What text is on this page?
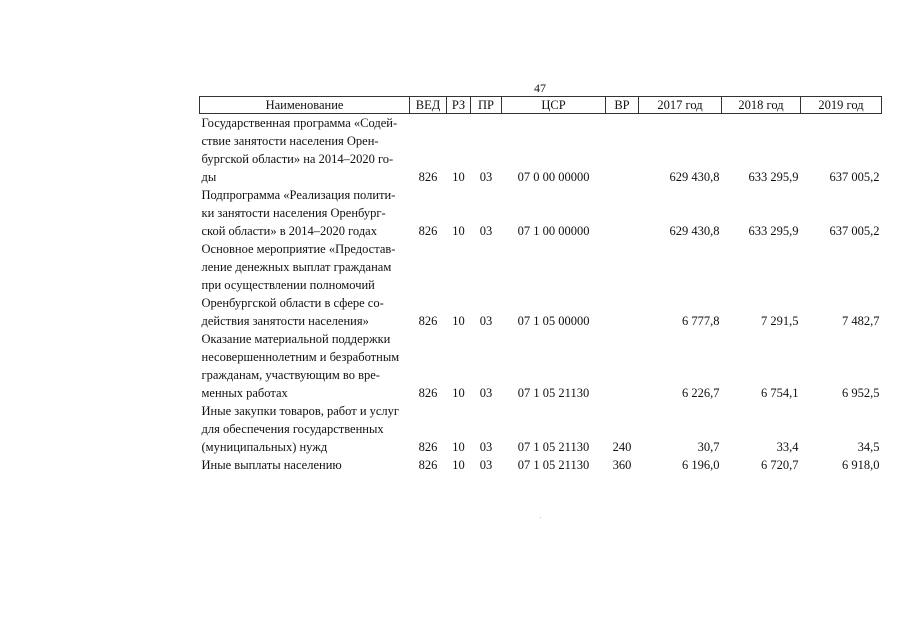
47
Наименование	ВЕД	РЗ	ПР	ЦСР	ВР	2017 год	2018 год	2019 год
Государственная программа «Содей-ствие занятости населения Орен-бургской области» на 2014–2020 го-ды	826	10	03	07 0 00 00000		629 430,8	633 295,9	637 005,2
Подпрограмма «Реализация полити-ки занятости населения Оренбург-ской области» в 2014–2020 годах	826	10	03	07 1 00 00000		629 430,8	633 295,9	637 005,2
Основное мероприятие «Предостав-ление денежных выплат гражданам при осуществлении полномочий Оренбургской области в сфере со-действия занятости населения»	826	10	03	07 1 05 00000		6 777,8	7 291,5	7 482,7
Оказание материальной поддержки несовершеннолетним и безработным гражданам, участвующим во вре-менных работах	826	10	03	07 1 05 21130		6 226,7	6 754,1	6 952,5
Иные закупки товаров, работ и услуг для обеспечения государственных (муниципальных) нужд	826	10	03	07 1 05 21130	240	30,7	33,4	34,5
Иные выплаты населению	826	10	03	07 1 05 21130	360	6 196,0	6 720,7	6 918,0
